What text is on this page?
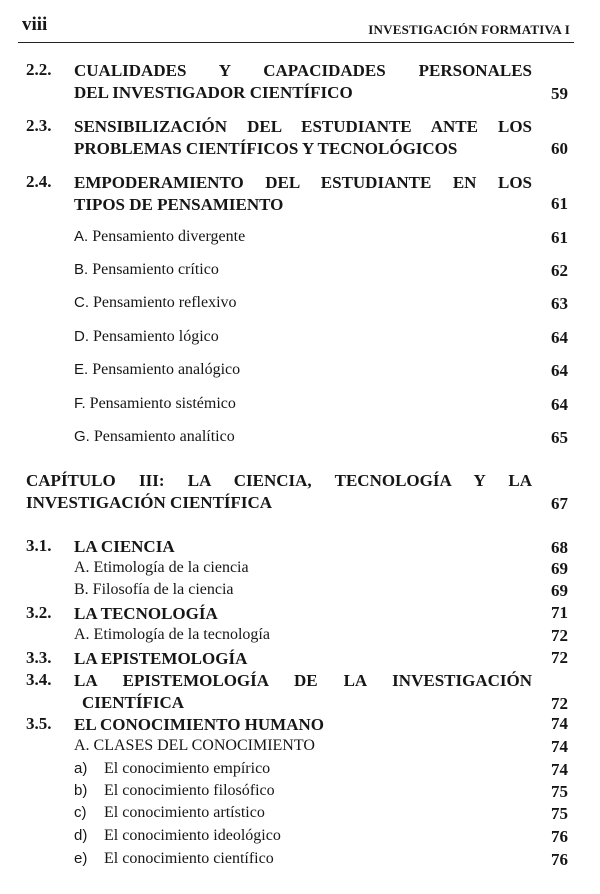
viii	INVESTIGACIÓN FORMATIVA I
2.2. CUALIDADES Y CAPACIDADES PERSONALES
DEL INVESTIGADOR CIENTÍFICO	59
2.3. SENSIBILIZACIÓN DEL ESTUDIANTE ANTE LOS
PROBLEMAS CIENTÍFICOS Y TECNOLÓGICOS	60
2.4. EMPODERAMIENTO DEL ESTUDIANTE EN LOS
TIPOS DE PENSAMIENTO	61
A. Pensamiento divergente	61
B. Pensamiento crítico	62
C. Pensamiento reflexivo	63
D. Pensamiento lógico	64
E. Pensamiento analógico	64
F. Pensamiento sistémico	64
G. Pensamiento analítico	65
CAPÍTULO III: LA CIENCIA, TECNOLOGÍA Y LA
INVESTIGACIÓN CIENTÍFICA	67
3.1. LA CIENCIA	68
A. Etimología de la ciencia	69
B. Filosofía de la ciencia	69
3.2. LA TECNOLOGÍA	71
A. Etimología de la tecnología	72
3.3. LA EPISTEMOLOGÍA	72
3.4. LA EPISTEMOLOGÍA DE LA INVESTIGACIÓN
CIENTÍFICA	72
3.5. EL CONOCIMIENTO HUMANO	74
A. CLASES DEL CONOCIMIENTO	74
a) El conocimiento empírico	74
b) El conocimiento filosófico	75
c) El conocimiento artístico	75
d) El conocimiento ideológico	76
e) El conocimiento científico	76
